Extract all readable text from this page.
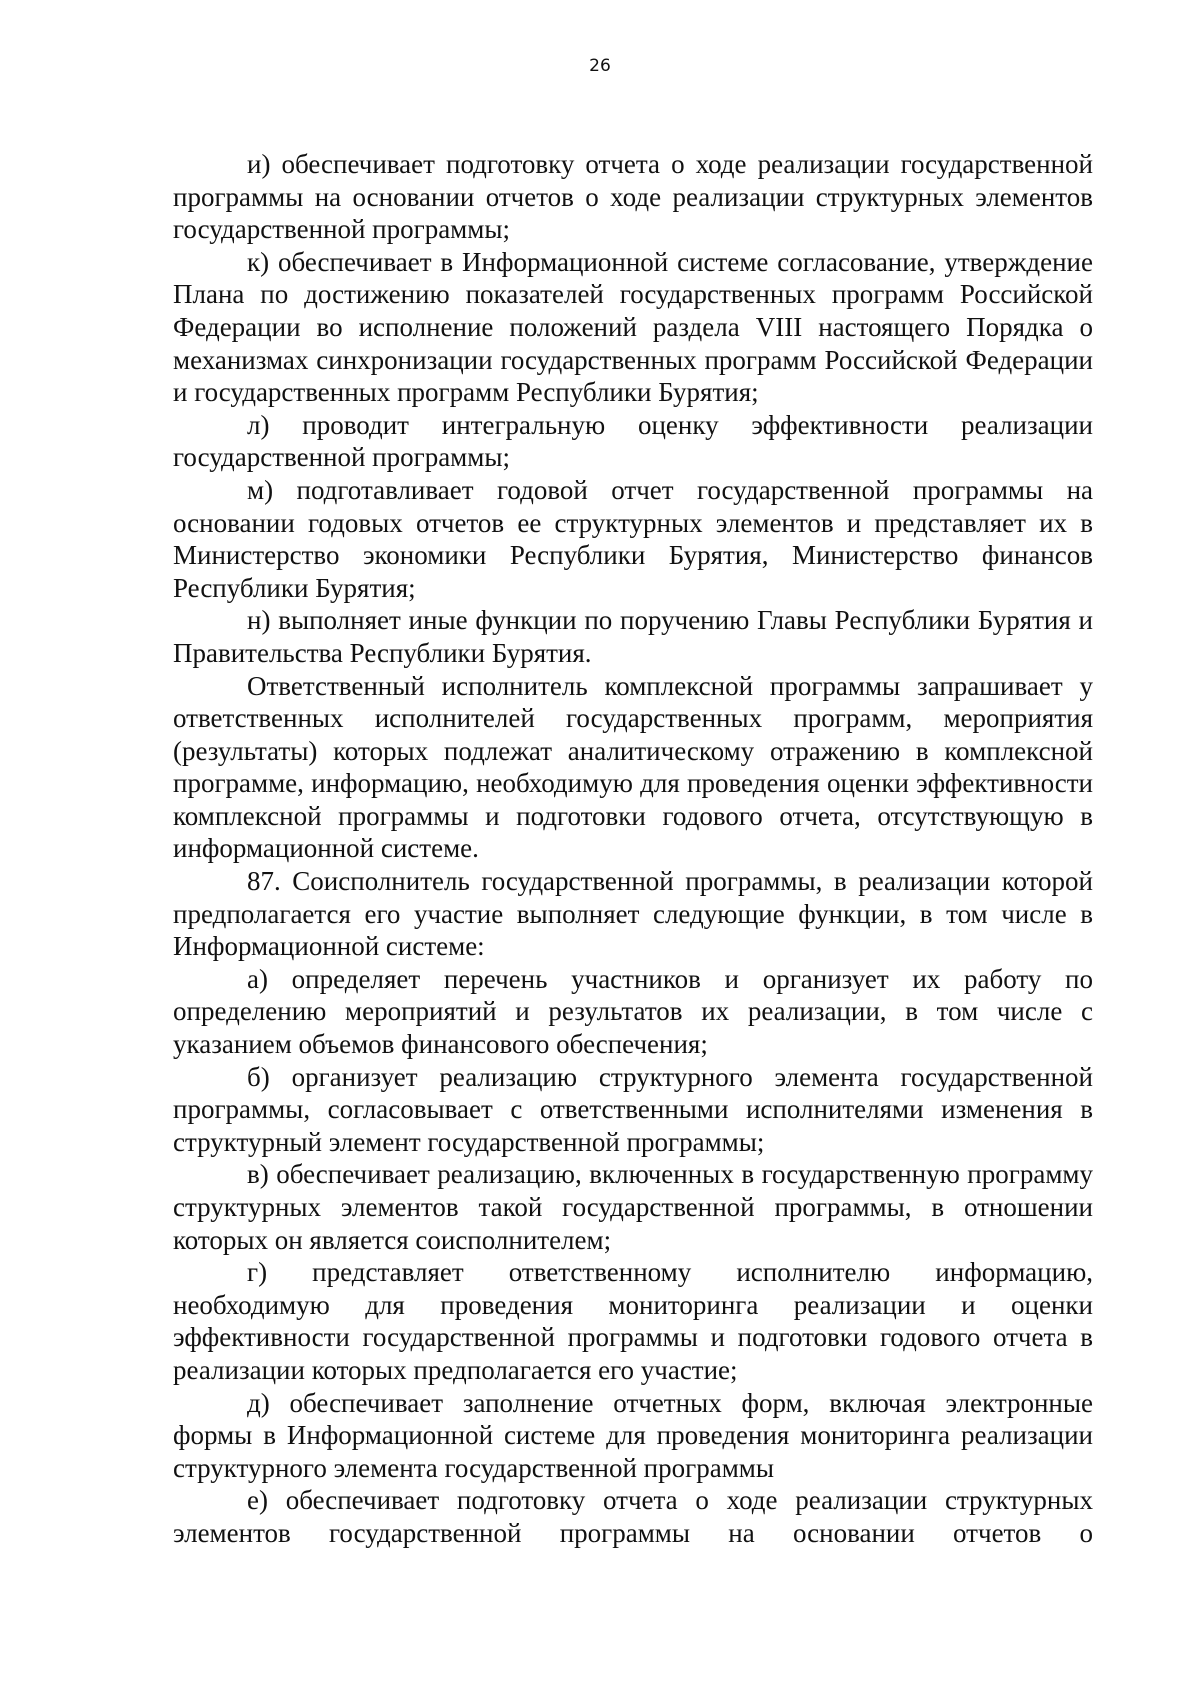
26

и) обеспечивает подготовку отчета о ходе реализации государственной программы на основании отчетов о ходе реализации структурных элементов государственной программы;

к) обеспечивает в Информационной системе согласование, утверждение Плана по достижению показателей государственных программ Российской Федерации во исполнение положений раздела VIII настоящего Порядка о механизмах синхронизации государственных программ Российской Федерации и государственных программ Республики Бурятия;

л) проводит интегральную оценку эффективности реализации государственной программы;

м) подготавливает годовой отчет государственной программы на основании годовых отчетов ее структурных элементов и представляет их в Министерство экономики Республики Бурятия, Министерство финансов Республики Бурятия;

н) выполняет иные функции по поручению Главы Республики Бурятия и Правительства Республики Бурятия.

Ответственный исполнитель комплексной программы запрашивает у ответственных исполнителей государственных программ, мероприятия (результаты) которых подлежат аналитическому отражению в комплексной программе, информацию, необходимую для проведения оценки эффективности комплексной программы и подготовки годового отчета, отсутствующую в информационной системе.

87. Соисполнитель государственной программы, в реализации которой предполагается его участие выполняет следующие функции, в том числе в Информационной системе:

а) определяет перечень участников и организует их работу по определению мероприятий и результатов их реализации, в том числе с указанием объемов финансового обеспечения;

б) организует реализацию структурного элемента государственной программы, согласовывает с ответственными исполнителями изменения в структурный элемент государственной программы;

в) обеспечивает реализацию, включенных в государственную программу структурных элементов такой государственной программы, в отношении которых он является соисполнителем;

г) представляет ответственному исполнителю информацию, необходимую для проведения мониторинга реализации и оценки эффективности государственной программы и подготовки годового отчета в реализации которых предполагается его участие;

д) обеспечивает заполнение отчетных форм, включая электронные формы в Информационной системе для проведения мониторинга реализации структурного элемента государственной программы

е) обеспечивает подготовку отчета о ходе реализации структурных элементов государственной программы на основании отчетов о
